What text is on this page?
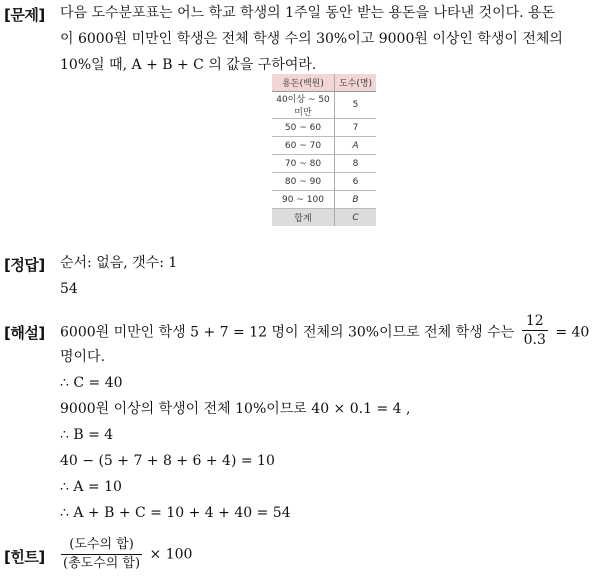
[문제] 다음 도수분포표는 어느 학교 학생의 1주일 동안 받는 용돈을 나타낸 것이다. 용돈
이 6000원 미만인 학생은 전체 학생 수의 30%이고 9000원 이상인 학생이 전체의
10%일 때, A + B + C 의 값을 구하여라.
용돈(백원)	도수(명)
40이상 ~ 50미만	5
50 ~ 60	7
60 ~ 70	A
70 ~ 80	8
80 ~ 90	6
90 ~ 100	B
합계	C
[정답] 순서: 없음, 갯수: 1
54
[해설] 6000원 미만인 학생 5 + 7 = 12 명이 전체의 30%이므로 전체 학생 수는 $\frac{12}{0.3} = 40$
명이다.
∴ C = 40
9000원 이상의 학생이 전체 10%이므로 40 × 0.1 = 4 ,
∴ B = 4
40 − (5 + 7 + 8 + 6 + 4) = 10
∴ A = 10
∴ A + B + C = 10 + 4 + 40 = 54
[힌트] $\frac{\text{(도수의 합)}}{\text{(총도수의 합)}} \times 100$
